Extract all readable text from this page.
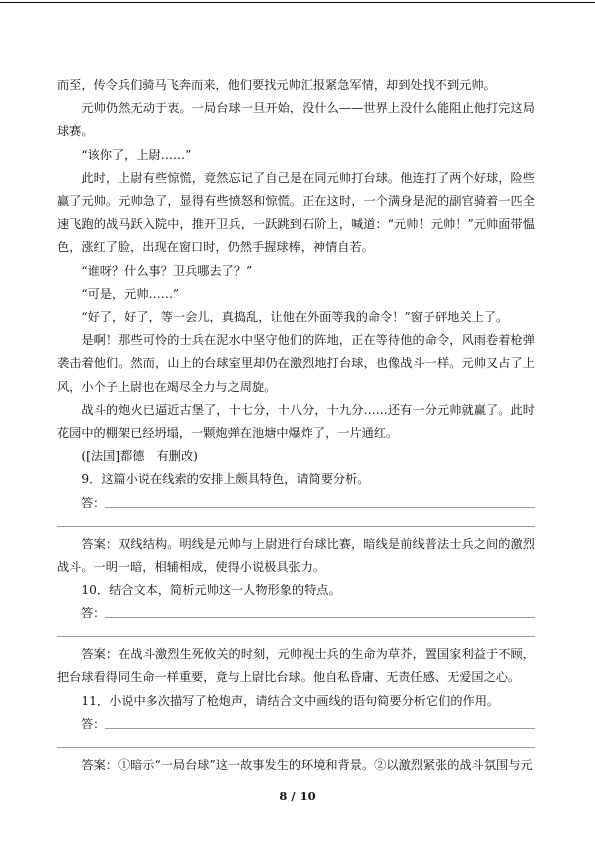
而至，传令兵们骑马飞奔而来，他们要找元帅汇报紧急军情，却到处找不到元帅。

元帅仍然无动于衷。一局台球一旦开始，没什么——世界上没什么能阻止他打完这局球赛。

“该你了，上尉……”

此时，上尉有些惊慌，竟然忘记了自己是在同元帅打台球。他连打了两个好球，险些赢了元帅。元帅急了，显得有些愤怒和惊慌。正在这时，一个满身是泥的副官骑着一匹全速飞跑的战马跃入院中，推开卫兵，一跃跳到石阶上，喊道：“元帅！元帅！”元帅面带愠色，涨红了脸，出现在窗口时，仍然手握球棒，神情自若。

“谁呀？什么事？卫兵哪去了？”

“可是，元帅……”

“好了，好了，等一会儿，真捣乱，让他在外面等我的命令！”窗子砰地关上了。

是啊！那些可怜的士兵在泥水中坚守他们的阵地，正在等待他的命令，风雨卷着枪弹袭击着他们。然而，山上的台球室里却仍在激烈地打台球，也像战斗一样。元帅又占了上风，小个子上尉也在竭尽全力与之周旋。

战斗的炮火已逼近古堡了，十七分，十八分，十九分……还有一分元帅就赢了。此时花园中的棚架已经坍塌，一颗炮弹在池塘中爆炸了，一片通红。

([法国]都德　有删改)

9．这篇小说在线索的安排上颇具特色，请简要分析。

答：

答案：双线结构。明线是元帅与上尉进行台球比赛，暗线是前线普法士兵之间的激烈战斗。一明一暗，相辅相成，使得小说极具张力。

10．结合文本，简析元帅这一人物形象的特点。

答：

答案：在战斗激烈生死攸关的时刻，元帅视士兵的生命为草芥，置国家利益于不顾，把台球看得同生命一样重要，竟与上尉比台球。他自私昏庸、无责任感、无爱国之心。

11．小说中多次描写了枪炮声，请结合文中画线的语句简要分析它们的作用。

答：

答案：①暗示“一局台球”这一故事发生的环境和背景。②以激烈紧张的战斗氛围与元

8 / 10
